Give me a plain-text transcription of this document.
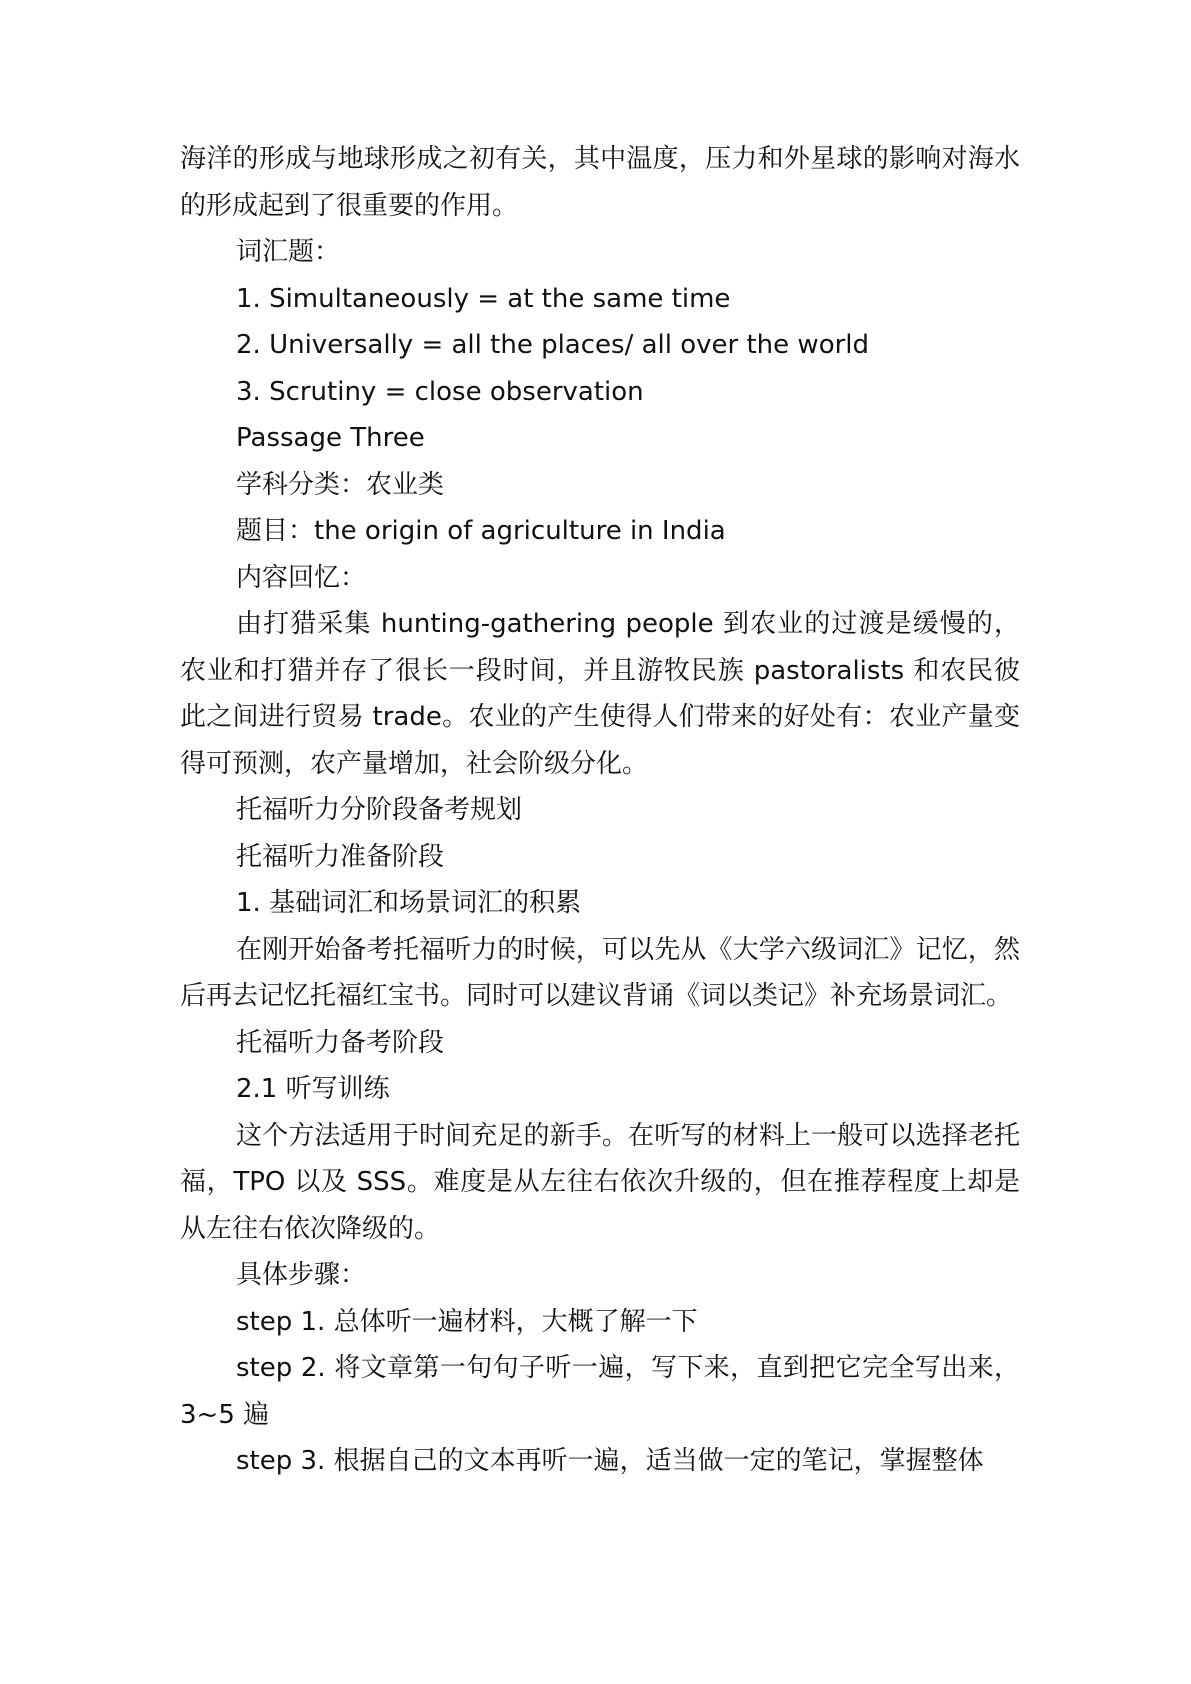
海洋的形成与地球形成之初有关，其中温度，压力和外星球的影响对海水的形成起到了很重要的作用。

词汇题：

1. Simultaneously = at the same time

2. Universally = all the places/ all over the world

3. Scrutiny = close observation

Passage Three

学科分类：农业类

题目：the origin of agriculture in India

内容回忆：

由打猎采集 hunting-gathering people 到农业的过渡是缓慢的，农业和打猎并存了很长一段时间，并且游牧民族 pastoralists 和农民彼此之间进行贸易 trade。农业的产生使得人们带来的好处有：农业产量变得可预测，农产量增加，社会阶级分化。

托福听力分阶段备考规划

托福听力准备阶段

1. 基础词汇和场景词汇的积累

在刚开始备考托福听力的时候，可以先从《大学六级词汇》记忆，然后再去记忆托福红宝书。同时可以建议背诵《词以类记》补充场景词汇。

托福听力备考阶段

2.1 听写训练

这个方法适用于时间充足的新手。在听写的材料上一般可以选择老托福，TPO 以及 SSS。难度是从左往右依次升级的，但在推荐程度上却是从左往右依次降级的。

具体步骤：

step 1. 总体听一遍材料，大概了解一下

step 2. 将文章第一句句子听一遍，写下来，直到把它完全写出来，3~5 遍

step 3. 根据自己的文本再听一遍，适当做一定的笔记，掌握整体
